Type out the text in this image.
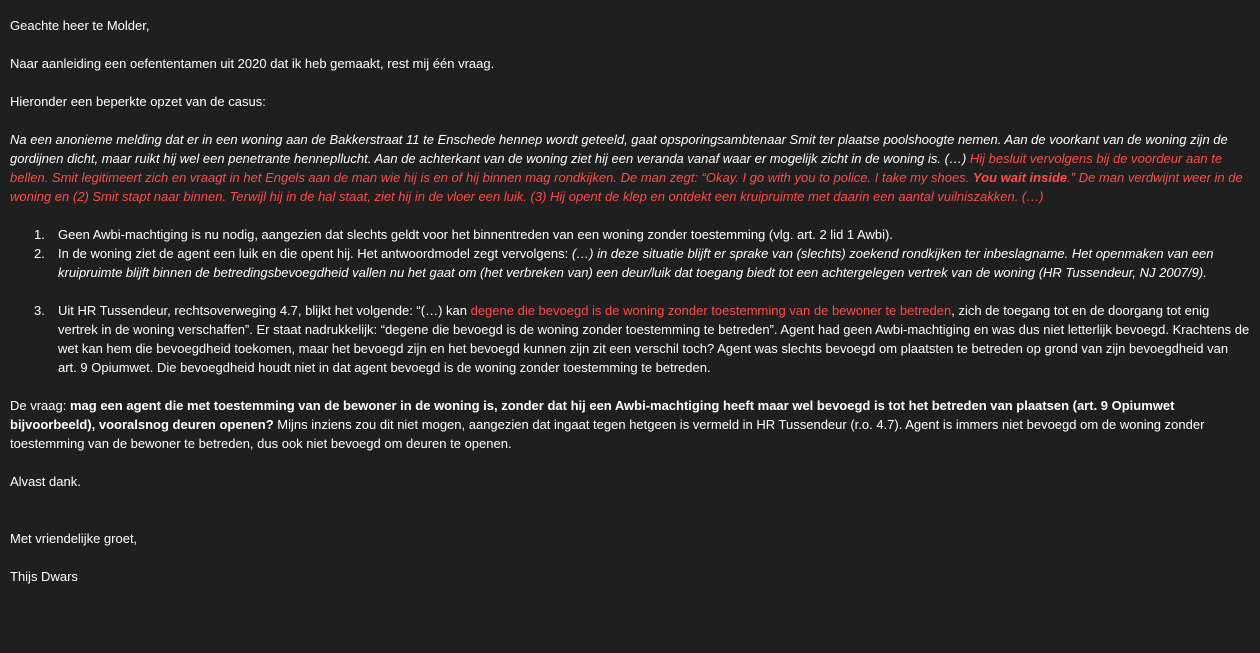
Geachte heer te Molder,

Naar aanleiding een oefententamen uit 2020 dat ik heb gemaakt, rest mij één vraag.

Hieronder een beperkte opzet van de casus:

Na een anonieme melding dat er in een woning aan de Bakkerstraat 11 te Enschede hennep wordt geteeld, gaat opsporingsambtenaar Smit ter plaatse poolshoogte nemen. Aan de voorkant van de woning zijn de gordijnen dicht, maar ruikt hij wel een penetrante hennepllucht. Aan de achterkant van de woning ziet hij een veranda vanaf waar er mogelijk zicht in de woning is. (…) Hij besluit vervolgens bij de voordeur aan te bellen. Smit legitimeert zich en vraagt in het Engels aan de man wie hij is en of hij binnen mag rondkijken. De man zegt: “Okay. I go with you to police. I take my shoes. You wait inside.” De man verdwijnt weer in de woning en (2) Smit stapt naar binnen. Terwijl hij in de hal staat, ziet hij in de vloer een luik. (3) Hij opent de klep en ontdekt een kruipruimte met daarin een aantal vuilniszakken. (…)

1. Geen Awbi-machtiging is nu nodig, aangezien dat slechts geldt voor het binnentreden van een woning zonder toestemming (vlg. art. 2 lid 1 Awbi).
2. In de woning ziet de agent een luik en die opent hij. Het antwoordmodel zegt vervolgens: (…) in deze situatie blijft er sprake van (slechts) zoekend rondkijken ter inbeslagname. Het openmaken van een kruipruimte blijft binnen de betredingsbevoegdheid vallen nu het gaat om (het verbreken van) een deur/luik dat toegang biedt tot een achtergelegen vertrek van de woning (HR Tussendeur, NJ 2007/9).
3. Uit HR Tussendeur, rechtsoverweging 4.7, blijkt het volgende: “(…) kan degene die bevoegd is de woning zonder toestemming van de bewoner te betreden, zich de toegang tot en de doorgang tot enig vertrek in de woning verschaffen”. Er staat nadrukkelijk: “degene die bevoegd is de woning zonder toestemming te betreden”. Agent had geen Awbi-machtiging en was dus niet letterlijk bevoegd. Krachtens de wet kan hem die bevoegdheid toekomen, maar het bevoegd zijn en het bevoegd kunnen zijn zit een verschil toch? Agent was slechts bevoegd om plaatsten te betreden op grond van zijn bevoegdheid van art. 9 Opiumwet. Die bevoegdheid houdt niet in dat agent bevoegd is de woning zonder toestemming te betreden.

De vraag: mag een agent die met toestemming van de bewoner in de woning is, zonder dat hij een Awbi-machtiging heeft maar wel bevoegd is tot het betreden van plaatsen (art. 9 Opiumwet bijvoorbeeld), vooralsnog deuren openen? Mijns inziens zou dit niet mogen, aangezien dat ingaat tegen hetgeen is vermeld in HR Tussendeur (r.o. 4.7). Agent is immers niet bevoegd om de woning zonder toestemming van de bewoner te betreden, dus ook niet bevoegd om deuren te openen.

Alvast dank.

Met vriendelijke groet,

Thijs Dwars
